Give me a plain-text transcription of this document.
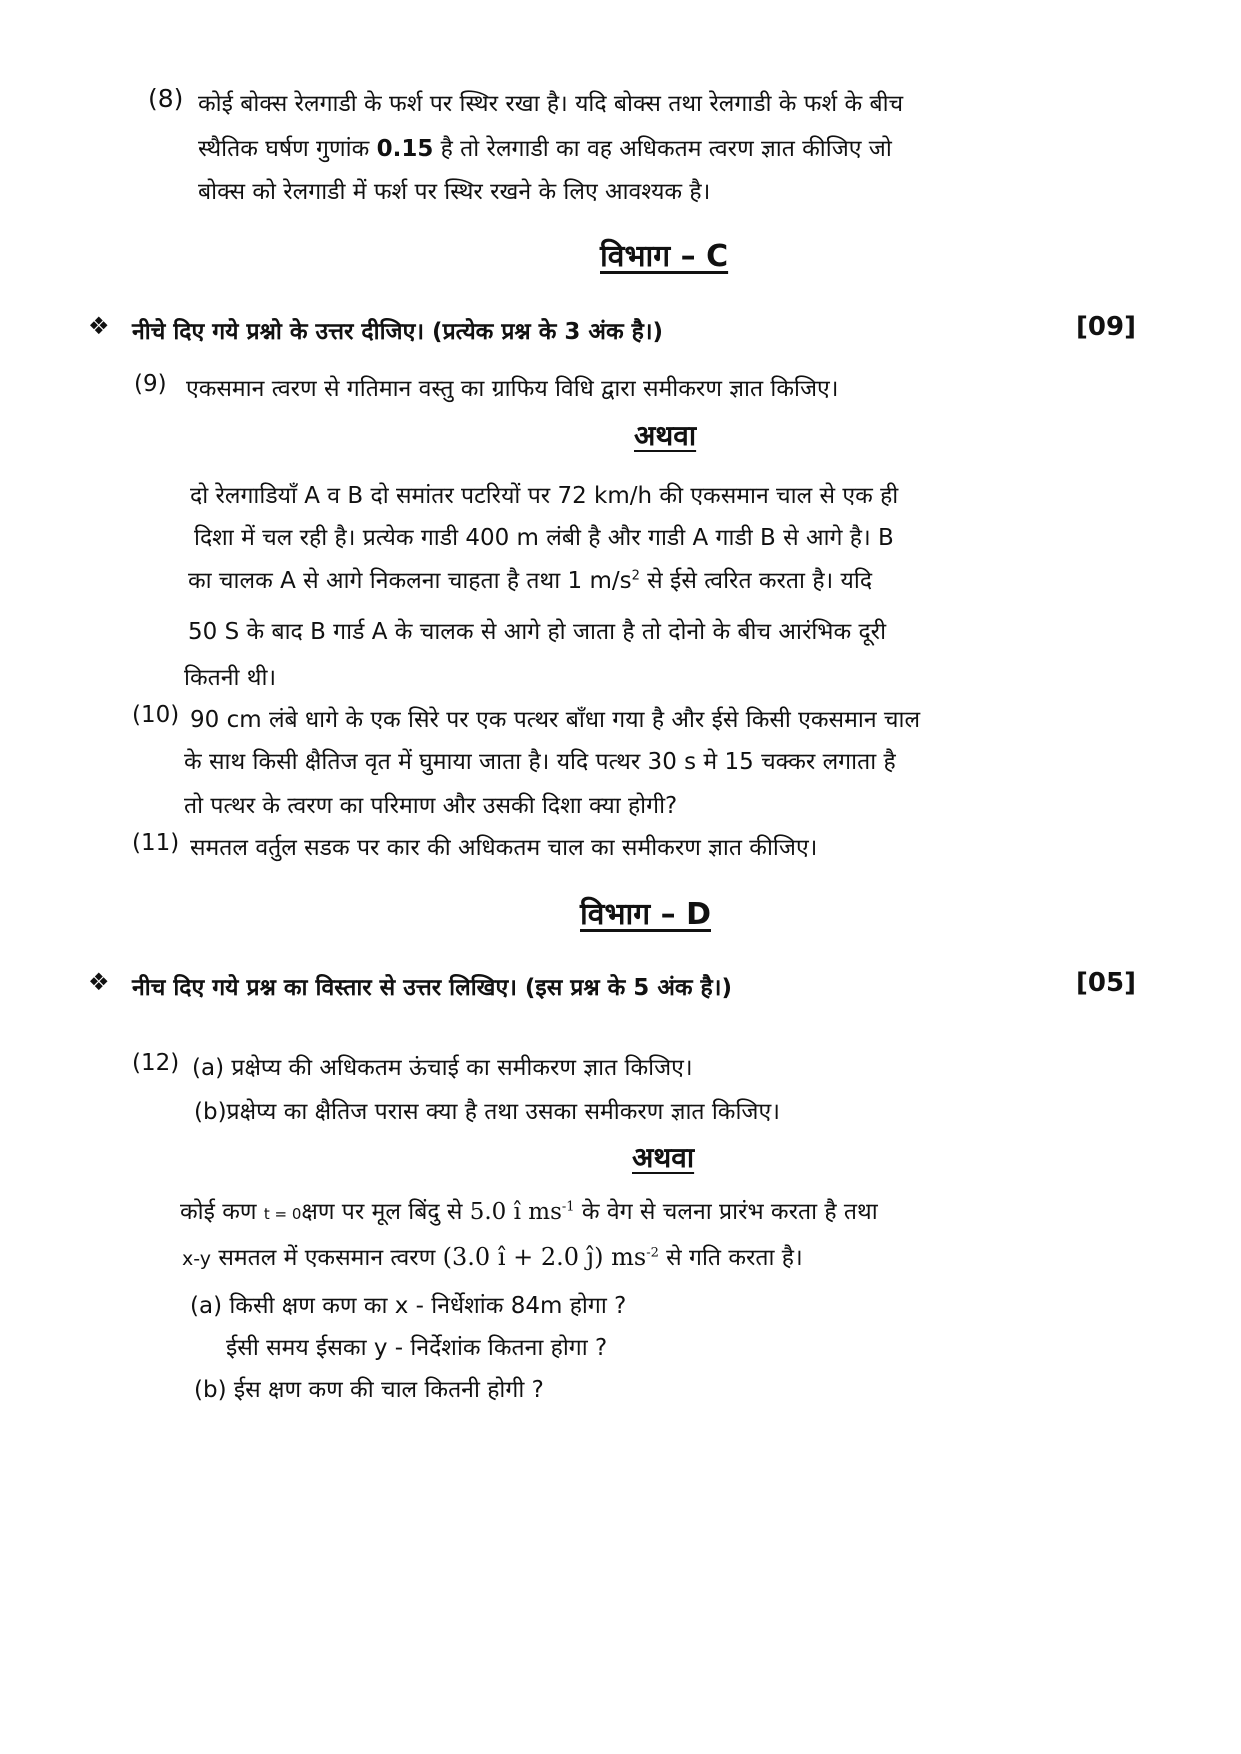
(8) कोई बोक्स रेलगाडी के फर्श पर स्थिर रखा है। यदि बोक्स तथा रेलगाडी के फर्श के बीच
स्थैतिक घर्षण गुणांक 0.15 है तो रेलगाडी का वह अधिकतम त्वरण ज्ञात कीजिए जो
बोक्स को रेलगाडी में फर्श पर स्थिर रखने के लिए आवश्यक है।
विभाग – C
❖ नीचे दिए गये प्रश्नो के उत्तर दीजिए। (प्रत्येक प्रश्न के 3 अंक है।)	[09]
(9) एकसमान त्वरण से गतिमान वस्तु का ग्राफिय विधि द्वारा समीकरण ज्ञात किजिए।
अथवा
दो रेलगाडियाँ A व B दो समांतर पटरियों पर 72 km/h की एकसमान चाल से एक ही
दिशा में चल रही है। प्रत्येक गाडी 400 m लंबी है और गाडी A गाडी B से आगे है। B
का चालक A से आगे निकलना चाहता है तथा 1 $m/s^2$ से ईसे त्वरित करता है। यदि
50 S के बाद B गार्ड A के चालक से आगे हो जाता है तो दोनो के बीच आरंभिक दूरी
कितनी थी।
(10) 90 cm लंबे धागे के एक सिरे पर एक पत्थर बाँधा गया है और ईसे किसी एकसमान चाल
के साथ किसी क्षैतिज वृत में घुमाया जाता है। यदि पत्थर 30 s मे 15 चक्कर लगाता है
तो पत्थर के त्वरण का परिमाण और उसकी दिशा क्या होगी?
(11) समतल वर्तुल सडक पर कार की अधिकतम चाल का समीकरण ज्ञात कीजिए।
विभाग – D
❖ नीच दिए गये प्रश्न का विस्तार से उत्तर लिखिए। (इस प्रश्न के 5 अंक है।)	[05]
(12) (a) प्रक्षेप्य की अधिकतम ऊंचाई का समीकरण ज्ञात किजिए।
(b)प्रक्षेप्य का क्षैतिज परास क्या है तथा उसका समीकरण ज्ञात किजिए।
अथवा
कोई कण t = 0क्षण पर मूल बिंदु से 5.0 î $ms^{-1}$ के वेग से चलना प्रारंभ करता है तथा
x-y समतल में एकसमान त्वरण (3.0 î + 2.0 ĵ) $ms^{-2}$ से गति करता है।
(a) किसी क्षण कण का x - निर्धेशांक 84m होगा ?
ईसी समय ईसका y - निर्देशांक कितना होगा ?
(b) ईस क्षण कण की चाल कितनी होगी ?
